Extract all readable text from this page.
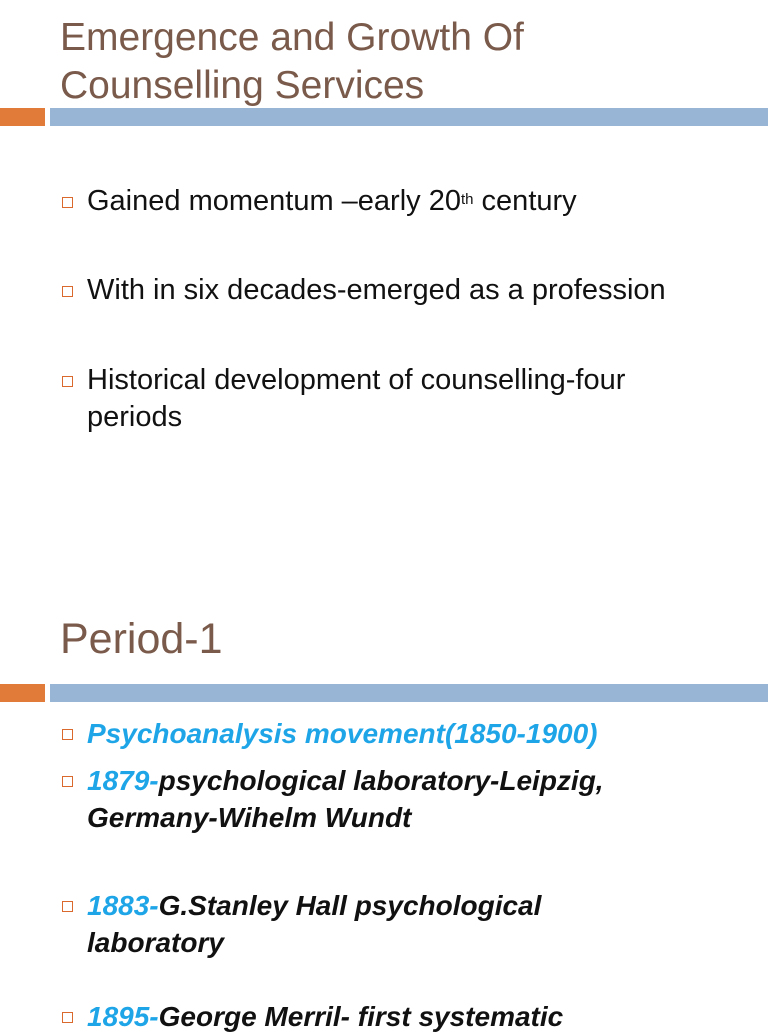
Emergence and Growth Of
Counselling Services
Gained momentum –early 20th century
With in six decades-emerged as a profession
Historical development of counselling-four
periods
Period-1
Psychoanalysis movement(1850-1900)
1879-psychological laboratory-Leipzig,
Germany-Wihelm Wundt
1883-G.Stanley Hall psychological
laboratory
1895-George Merril- first systematic
